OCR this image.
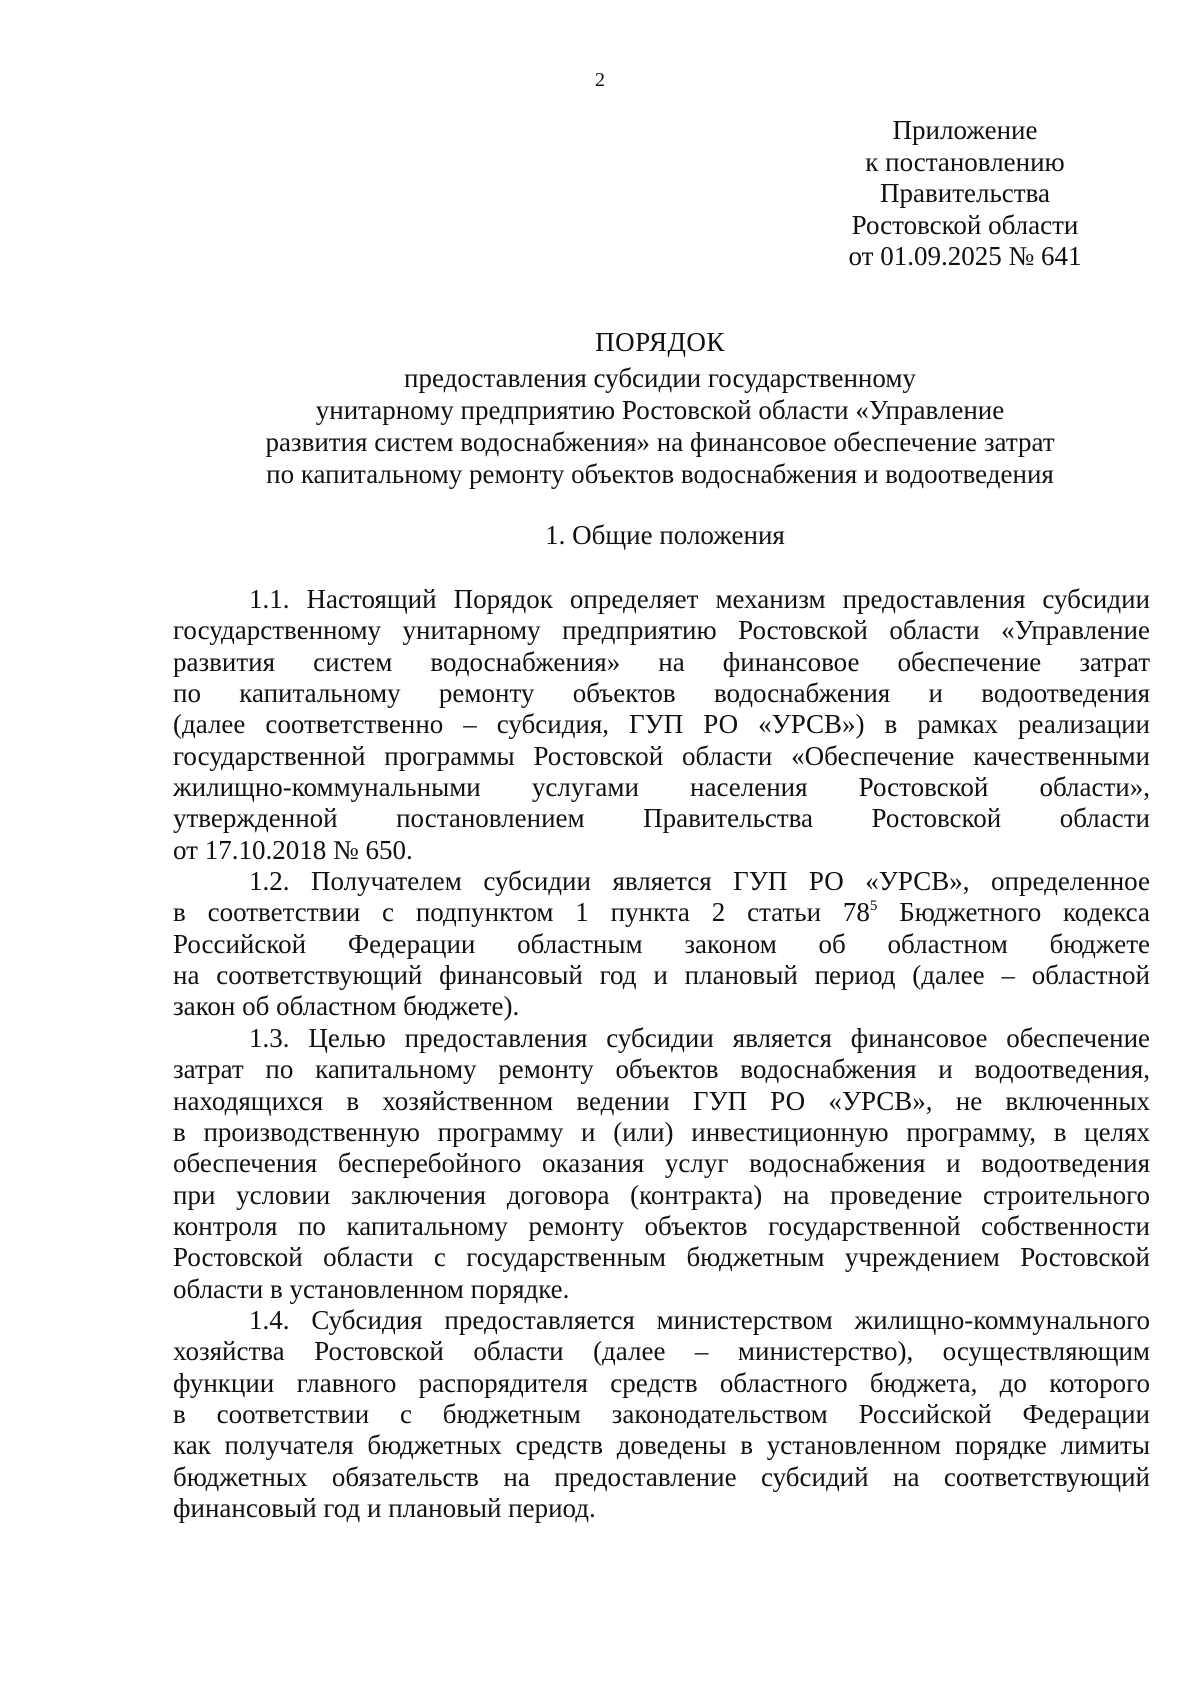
2
Приложение
к постановлению
Правительства
Ростовской области
от 01.09.2025 № 641
ПОРЯДОК
предоставления субсидии государственному
унитарному предприятию Ростовской области «Управление
развития систем водоснабжения» на финансовое обеспечение затрат
по капитальному ремонту объектов водоснабжения и водоотведения
1. Общие положения
1.1. Настоящий Порядок определяет механизм предоставления субсидии
государственному унитарному предприятию Ростовской области «Управление
развития систем водоснабжения» на финансовое обеспечение затрат
по капитальному ремонту объектов водоснабжения и водоотведения
(далее соответственно – субсидия, ГУП РО «УРСВ») в рамках реализации
государственной программы Ростовской области «Обеспечение качественными
жилищно-коммунальными услугами населения Ростовской области»,
утвержденной постановлением Правительства Ростовской области
от 17.10.2018 № 650.
1.2. Получателем субсидии является ГУП РО «УРСВ», определенное
в соответствии с подпунктом 1 пункта 2 статьи $78^5$ Бюджетного кодекса
Российской Федерации областным законом об областном бюджете
на соответствующий финансовый год и плановый период (далее – областной
закон об областном бюджете).
1.3. Целью предоставления субсидии является финансовое обеспечение
затрат по капитальному ремонту объектов водоснабжения и водоотведения,
находящихся в хозяйственном ведении ГУП РО «УРСВ», не включенных
в производственную программу и (или) инвестиционную программу, в целях
обеспечения бесперебойного оказания услуг водоснабжения и водоотведения
при условии заключения договора (контракта) на проведение строительного
контроля по капитальному ремонту объектов государственной собственности
Ростовской области с государственным бюджетным учреждением Ростовской
области в установленном порядке.
1.4. Субсидия предоставляется министерством жилищно-коммунального
хозяйства Ростовской области (далее – министерство), осуществляющим
функции главного распорядителя средств областного бюджета, до которого
в соответствии с бюджетным законодательством Российской Федерации
как получателя бюджетных средств доведены в установленном порядке лимиты
бюджетных обязательств на предоставление субсидий на соответствующий
финансовый год и плановый период.
